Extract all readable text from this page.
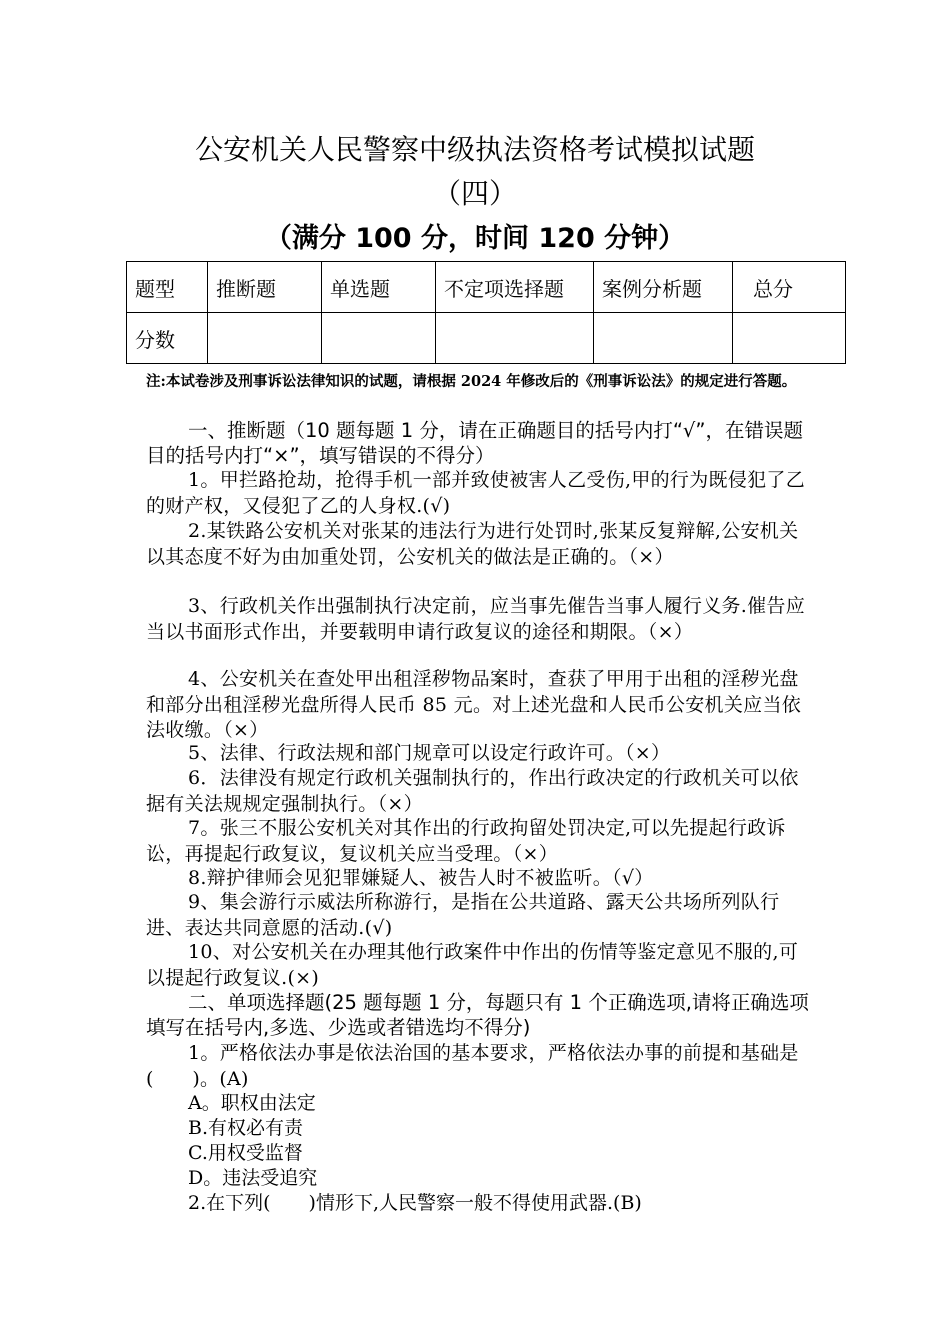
公安机关人民警察中级执法资格考试模拟试题
（四）
（满分 100 分，时间 120 分钟）
题型	推断题	单选题	不定项选择题	案例分析题	总分
分数					
注:本试卷涉及刑事诉讼法律知识的试题，请根据 2024 年修改后的《刑事诉讼法》的规定进行答题。
一、推断题（10 题每题 1 分，请在正确题目的括号内打“√”，在错误题目的括号内打“×”，填写错误的不得分）
1。甲拦路抢劫，抢得手机一部并致使被害人乙受伤,甲的行为既侵犯了乙的财产权，又侵犯了乙的人身权.(√)
2.某铁路公安机关对张某的违法行为进行处罚时,张某反复辩解,公安机关以其态度不好为由加重处罚，公安机关的做法是正确的。（×）
3、行政机关作出强制执行决定前，应当事先催告当事人履行义务.催告应当以书面形式作出，并要载明申请行政复议的途径和期限。（×）
4、公安机关在查处甲出租淫秽物品案时，查获了甲用于出租的淫秽光盘和部分出租淫秽光盘所得人民币 85 元。对上述光盘和人民币公安机关应当依法收缴。（×）
5、法律、行政法规和部门规章可以设定行政许可。（×）
6．法律没有规定行政机关强制执行的，作出行政决定的行政机关可以依据有关法规规定强制执行。（×）
7。张三不服公安机关对其作出的行政拘留处罚决定,可以先提起行政诉讼，再提起行政复议，复议机关应当受理。（×）
8.辩护律师会见犯罪嫌疑人、被告人时不被监听。（√）
9、集会游行示威法所称游行，是指在公共道路、露天公共场所列队行进、表达共同意愿的活动.(√)
10、对公安机关在办理其他行政案件中作出的伤情等鉴定意见不服的,可以提起行政复议.(×)
二、单项选择题(25 题每题 1 分，每题只有 1 个正确选项,请将正确选项填写在括号内,多选、少选或者错选均不得分)
1。严格依法办事是依法治国的基本要求，严格依法办事的前提和基础是(　　)。(A)
A。职权由法定
B.有权必有责
C.用权受监督
D。违法受追究
2.在下列(　　)情形下,人民警察一般不得使用武器.(B)
